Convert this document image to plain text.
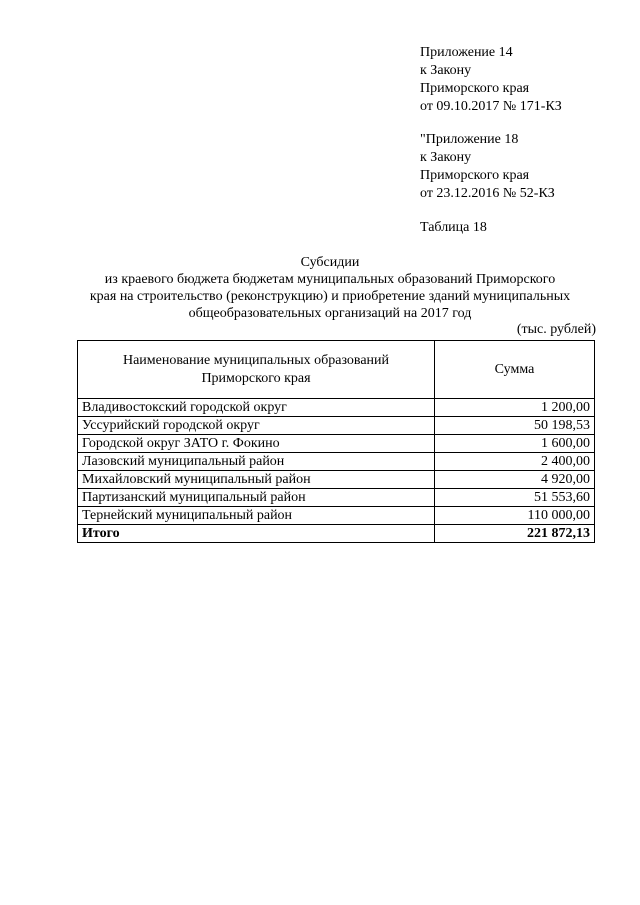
Приложение 14
к Закону
Приморского края
от 09.10.2017 № 171-КЗ
"Приложение 18
к Закону
Приморского края
от 23.12.2016 № 52-КЗ
Таблица 18
Субсидии
из краевого бюджета бюджетам муниципальных образований Приморского
края на строительство (реконструкцию) и приобретение зданий муниципальных
общеобразовательных организаций на 2017 год
(тыс. рублей)
Наименование муниципальных образований Приморского края	Сумма
Владивостокский городской округ	1 200,00
Уссурийский городской округ	50 198,53
Городской округ ЗАТО г. Фокино	1 600,00
Лазовский муниципальный район	2 400,00
Михайловский муниципальный район	4 920,00
Партизанский муниципальный район	51 553,60
Тернейский муниципальный район	110 000,00
Итого	221 872,13
